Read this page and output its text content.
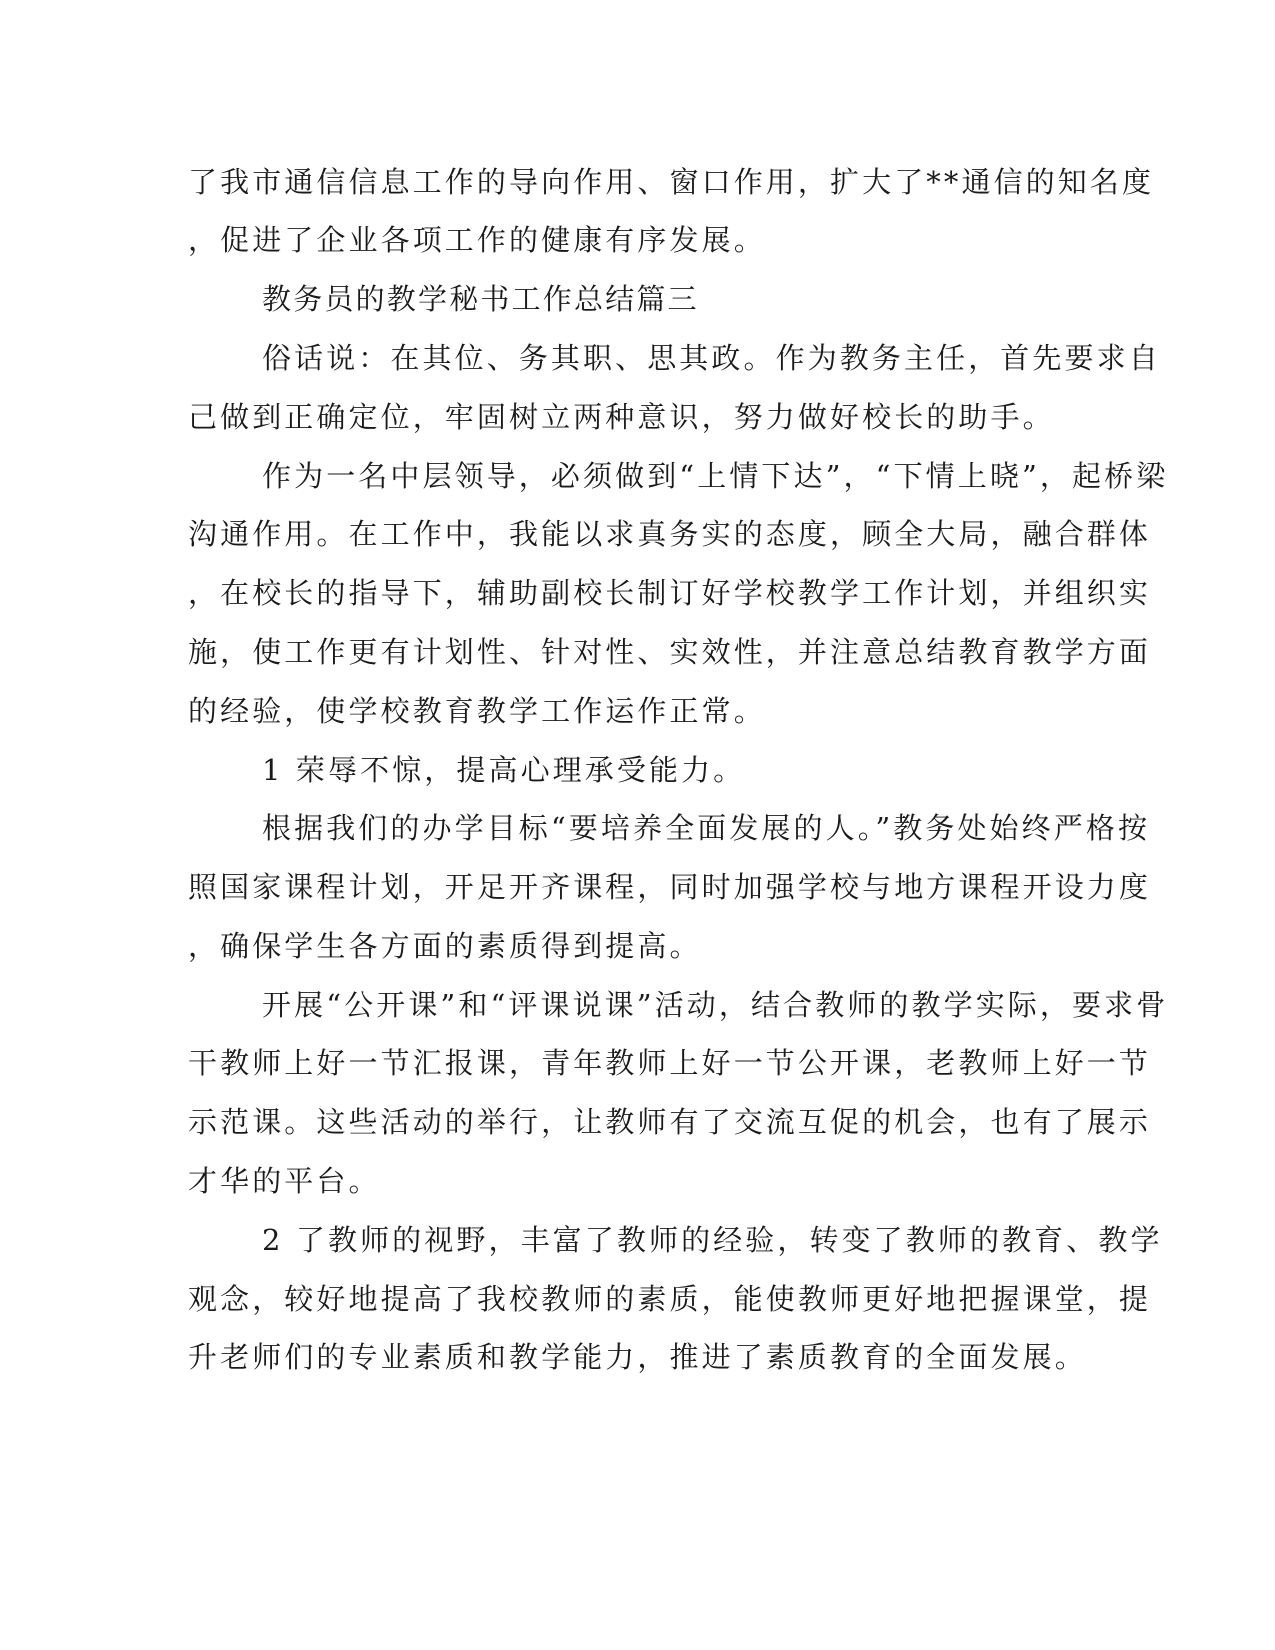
了我市通信信息工作的导向作用、窗口作用，扩大了**通信的知名度
，促进了企业各项工作的健康有序发展。
教务员的教学秘书工作总结篇三
俗话说：在其位、务其职、思其政。作为教务主任，首先要求自
己做到正确定位，牢固树立两种意识，努力做好校长的助手。
作为一名中层领导，必须做到“上情下达”，“下情上晓”，起桥梁
沟通作用。在工作中，我能以求真务实的态度，顾全大局，融合群体
，在校长的指导下，辅助副校长制订好学校教学工作计划，并组织实
施，使工作更有计划性、针对性、实效性，并注意总结教育教学方面
的经验，使学校教育教学工作运作正常。
1 荣辱不惊，提高心理承受能力。
根据我们的办学目标“要培养全面发展的人。”教务处始终严格按
照国家课程计划，开足开齐课程，同时加强学校与地方课程开设力度
，确保学生各方面的素质得到提高。
开展“公开课”和“评课说课”活动，结合教师的教学实际，要求骨
干教师上好一节汇报课，青年教师上好一节公开课，老教师上好一节
示范课。这些活动的举行，让教师有了交流互促的机会，也有了展示
才华的平台。
2 了教师的视野，丰富了教师的经验，转变了教师的教育、教学
观念，较好地提高了我校教师的素质，能使教师更好地把握课堂，提
升老师们的专业素质和教学能力，推进了素质教育的全面发展。
